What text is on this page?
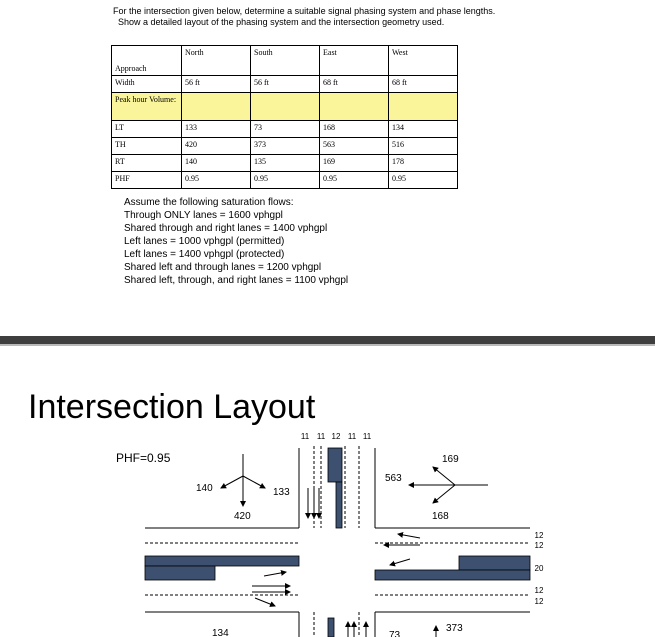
For the intersection given below, determine a suitable signal phasing system and phase lengths.
Show a detailed layout of the phasing system and the intersection geometry used.
Approach	North	South	East	West
Width	56 ft	56 ft	68 ft	68 ft
Peak hour Volume:				
LT	133	73	168	134
TH	420	373	563	516
RT	140	135	169	178
PHF	0.95	0.95	0.95	0.95
Assume the following saturation flows:
Through ONLY lanes = 1600 vphgpl
Shared through and right lanes = 1400 vphgpl
Left lanes = 1000 vphgpl (permitted)
Left lanes = 1400 vphgpl (protected)
Shared left and through lanes = 1200 vphgpl
Shared left, through, and right lanes = 1100 vphgpl
Intersection Layout
11 11 12 11 11
12
12
20
12
12
PHF=0.95
140
420
133
169
563
168
134	73
373
